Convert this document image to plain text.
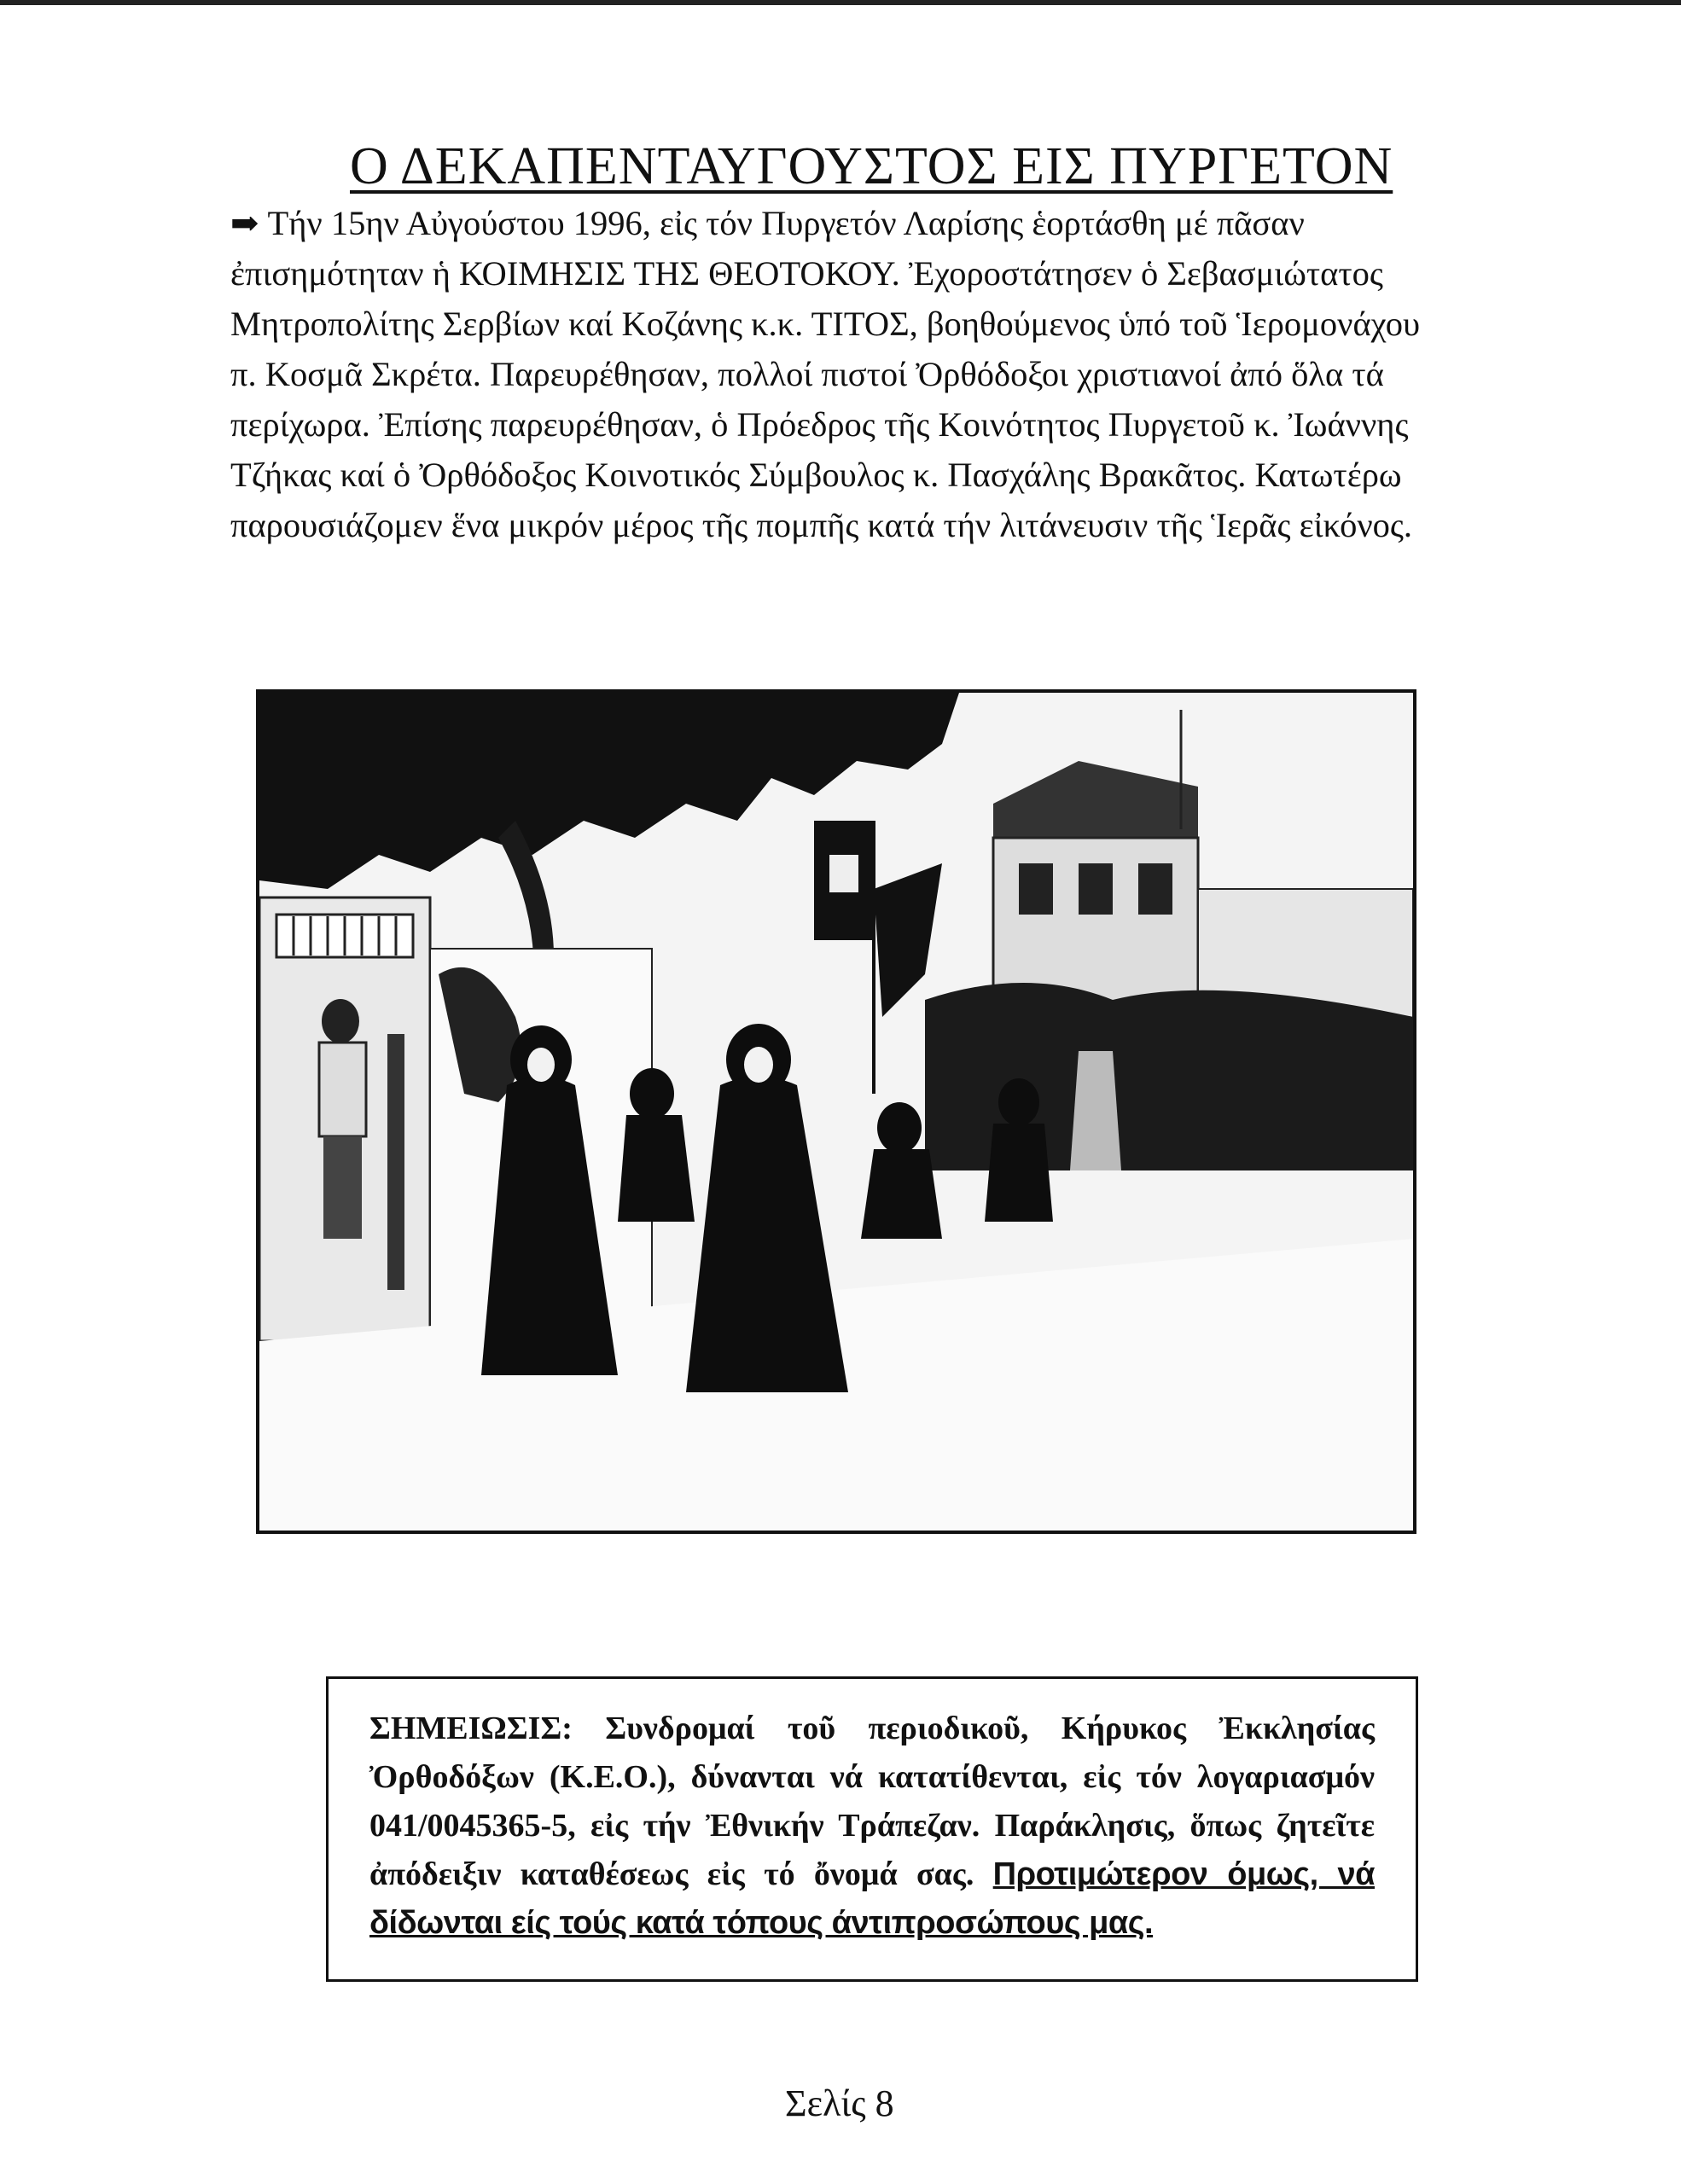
Ο ΔΕΚΑΠΕΝΤΑΥΓΟΥΣΤΟΣ ΕΙΣ ΠΥΡΓΕΤΟΝ
➡ Τήν 15ην Αὐγούστου 1996, εἰς τόν Πυργετόν Λαρίσης ἑορτάσθη μέ πᾶσαν ἐπισημότηταν ἡ ΚΟΙΜΗΣΙΣ ΤΗΣ ΘΕΟΤΟΚΟΥ. Ἐχοροστάτησεν ὁ Σεβασμιώτατος Μητροπολίτης Σερβίων καί Κοζάνης κ.κ. ΤΙΤΟΣ, βοηθούμενος ὑπό τοῦ Ἱερομονάχου π. Κοσμᾶ Σκρέτα. Παρευρέθησαν, πολλοί πιστοί Ὀρθόδοξοι χριστιανοί ἀπό ὅλα τά περίχωρα. Ἐπίσης παρευρέθησαν, ὁ Πρόεδρος τῆς Κοινότητος Πυργετοῦ κ. Ἰωάννης Τζήκας καί ὁ Ὀρθόδοξος Κοινοτικός Σύμβουλος κ. Πασχάλης Βρακᾶτος. Κατωτέρω παρουσιάζομεν ἕνα μικρόν μέρος τῆς πομπῆς κατά τήν λιτάνευσιν τῆς Ἱερᾶς εἰκόνος.
ΣΗΜΕΙΩΣΙΣ: Συνδρομαί τοῦ περιοδικοῦ, Κήρυκος Ἐκκλησίας Ὀρθοδόξων (Κ.Ε.Ο.), δύνανται νά κατατίθενται, εἰς τόν λογαριασμόν 041/0045365-5, εἰς τήν Ἐθνικήν Τράπεζαν. Παράκλησις, ὅπως ζητεῖτε ἀπόδειξιν καταθέσεως εἰς τό ὄνομά σας. Προτιμώτερον όμως, νά δίδωνται είς τούς κατά τόπους άντιπροσώπους μας.
Σελίς 8
